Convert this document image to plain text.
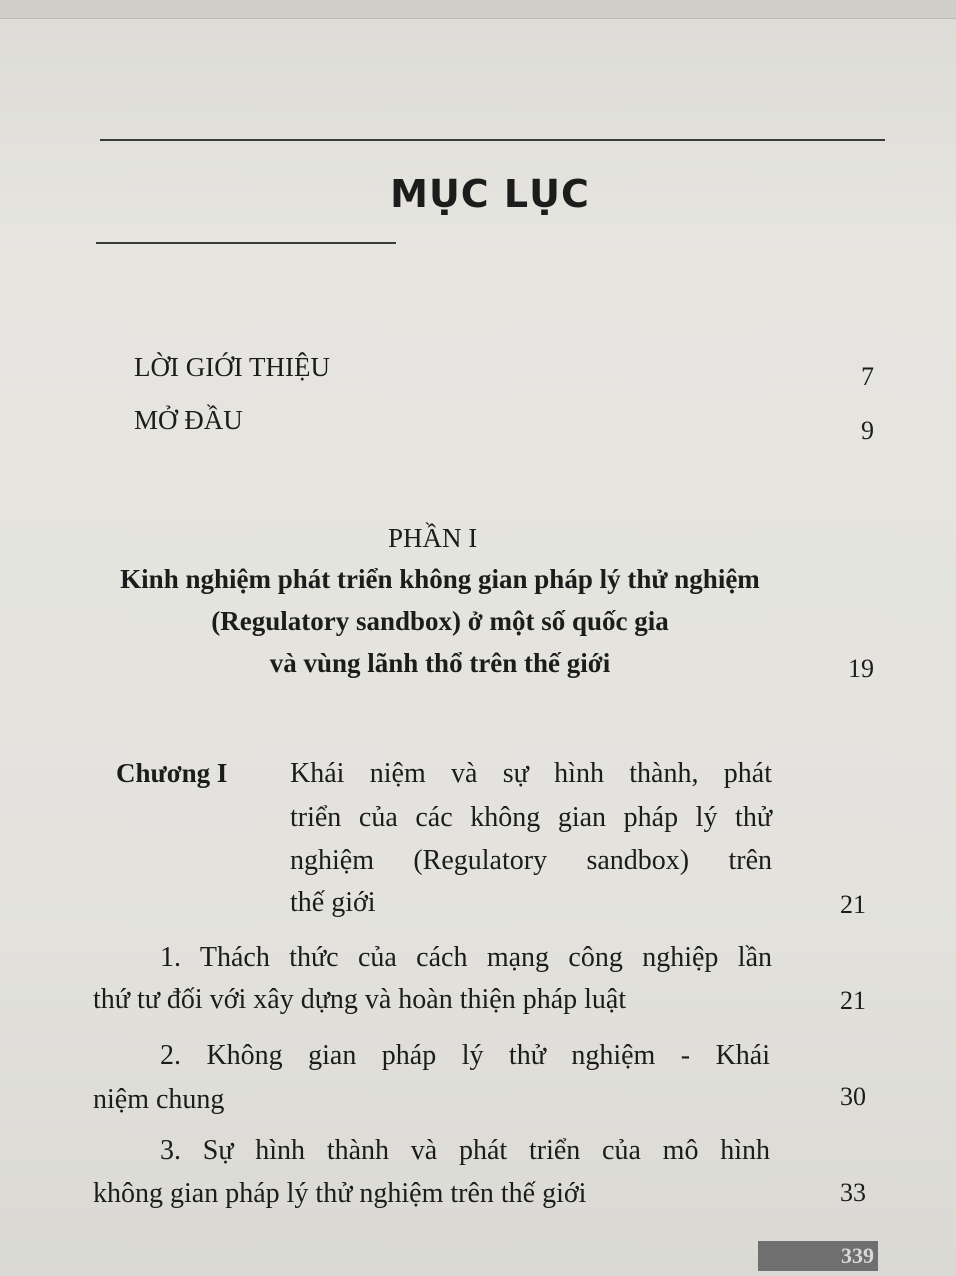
MỤC LỤC
LỜI GIỚI THIỆU	7
MỞ ĐẦU	9
PHẦN I
Kinh nghiệm phát triển không gian pháp lý thử nghiệm
(Regulatory sandbox) ở một số quốc gia
và vùng lãnh thổ trên thế giới	19
Chương I Khái niệm và sự hình thành, phát
triển của các không gian pháp lý thử
nghiệm (Regulatory sandbox) trên
thế giới	21
1. Thách thức của cách mạng công nghiệp lần
thứ tư đối với xây dựng và hoàn thiện pháp luật	21
2. Không gian pháp lý thử nghiệm - Khái
niệm chung	30
3. Sự hình thành và phát triển của mô hình
không gian pháp lý thử nghiệm trên thế giới	33
339
